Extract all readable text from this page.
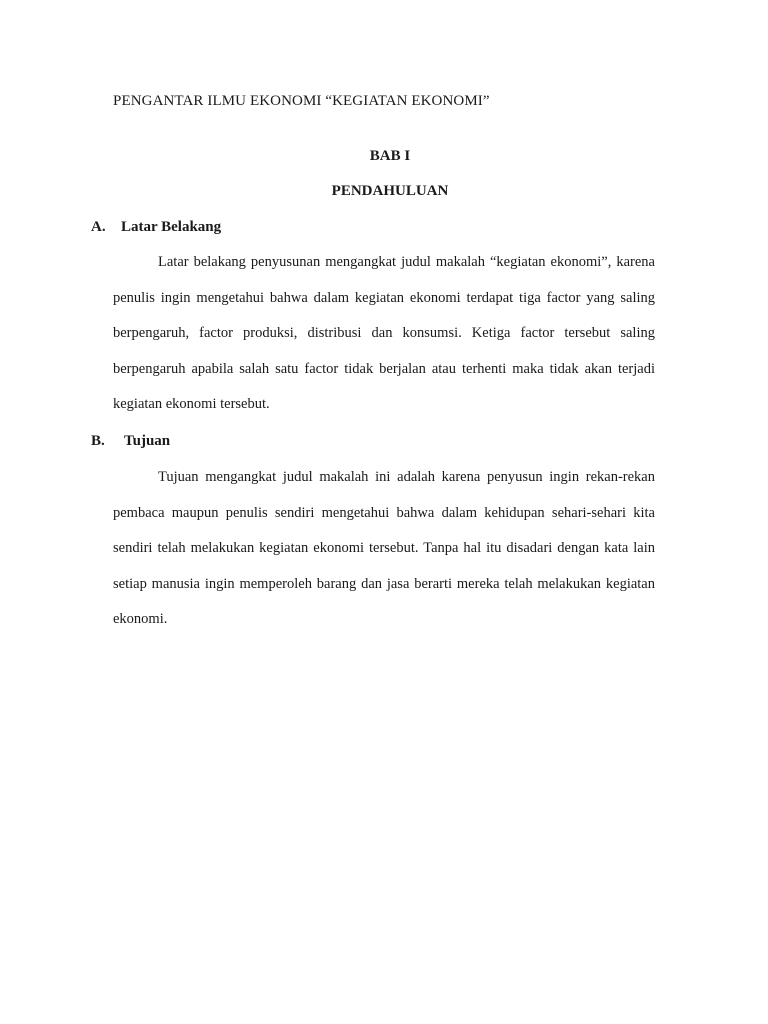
PENGANTAR ILMU EKONOMI “KEGIATAN EKONOMI”
BAB I
PENDAHULUAN
A. Latar Belakang

Latar belakang penyusunan mengangkat judul makalah “kegiatan ekonomi”, karena penulis ingin mengetahui bahwa dalam kegiatan ekonomi terdapat tiga factor yang saling berpengaruh, factor produksi, distribusi dan konsumsi. Ketiga factor tersebut saling berpengaruh apabila salah satu factor tidak berjalan atau terhenti maka tidak akan terjadi kegiatan ekonomi tersebut.

B. Tujuan

Tujuan mengangkat judul makalah ini adalah karena penyusun ingin rekan-rekan pembaca maupun penulis sendiri mengetahui bahwa dalam kehidupan sehari-sehari kita sendiri telah melakukan kegiatan ekonomi tersebut. Tanpa hal itu disadari dengan kata lain setiap manusia ingin memperoleh barang dan jasa berarti mereka telah melakukan kegiatan ekonomi.
